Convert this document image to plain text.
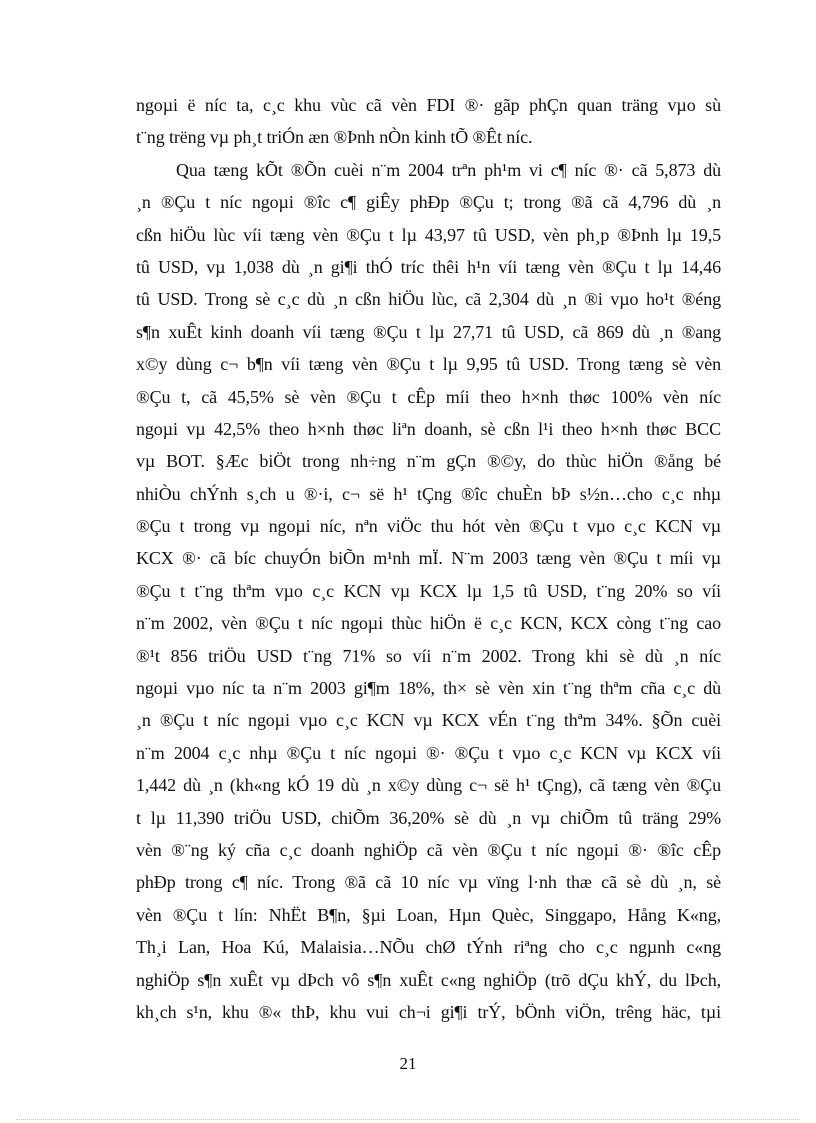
ngoµi ë níc ta, c¸c khu vùc cã vèn FDI ®· gãp phÇn quan träng vµo sù
t¨ng trëng vµ ph¸t triÓn æn ®Þnh nÒn kinh tÕ ®Êt níc.
Qua tæng kÕt ®Õn cuèi n¨m 2004 trªn ph¹m vi c¶ níc ®· cã 5,873 dù
¸n ®Çu t níc ngoµi ®îc c¶ giÊy phÐp ®Çu t; trong ®ã cã 4,796 dù ¸n
cßn hiÖu lùc víi tæng vèn ®Çu t lµ 43,97 tû USD, vèn ph¸p ®Þnh lµ 19,5
tû USD, vµ 1,038 dù ¸n gi¶i thÓ tríc thêi h¹n víi tæng vèn ®Çu t lµ 14,46
tû USD. Trong sè c¸c dù ¸n cßn hiÖu lùc, cã 2,304 dù ¸n ®i vµo ho¹t ®éng
s¶n xuÊt kinh doanh víi tæng ®Çu t lµ 27,71 tû USD, cã 869 dù ¸n ®ang
x©y dùng c¬ b¶n víi tæng vèn ®Çu t lµ 9,95 tû USD. Trong tæng sè vèn
®Çu t, cã 45,5% sè vèn ®Çu t cÊp míi theo h×nh thøc 100% vèn níc
ngoµi vµ 42,5% theo h×nh thøc liªn doanh, sè cßn l¹i theo h×nh thøc BCC
vµ BOT. §Æc biÖt trong nh÷ng n¨m gÇn ®©y, do thùc hiÖn ®ång bé
nhiÒu chÝnh s¸ch u ®·i, c¬ së h¹ tÇng ®îc chuÈn bÞ s½n…cho c¸c nhµ
®Çu t trong vµ ngoµi níc, nªn viÖc thu hót vèn ®Çu t vµo c¸c KCN vµ
KCX ®· cã bíc chuyÓn biÕn m¹nh mÏ. N¨m 2003 tæng vèn ®Çu t míi vµ
®Çu t t¨ng thªm vµo c¸c KCN vµ KCX lµ 1,5 tû USD, t¨ng 20% so víi
n¨m 2002, vèn ®Çu t níc ngoµi thùc hiÖn ë c¸c KCN, KCX còng t¨ng cao
®¹t 856 triÖu USD t¨ng 71% so víi n¨m 2002. Trong khi sè dù ¸n níc
ngoµi vµo níc ta n¨m 2003 gi¶m 18%, th× sè vèn xin t¨ng thªm cña c¸c dù
¸n ®Çu t níc ngoµi vµo c¸c KCN vµ KCX vÉn t¨ng thªm 34%. §Õn cuèi
n¨m 2004 c¸c nhµ ®Çu t níc ngoµi ®· ®Çu t vµo c¸c KCN vµ KCX víi
1,442 dù ¸n (kh«ng kÓ 19 dù ¸n x©y dùng c¬ së h¹ tÇng), cã tæng vèn ®Çu
t lµ 11,390 triÖu USD, chiÕm 36,20% sè dù ¸n vµ chiÕm tû träng 29%
vèn ®¨ng ký cña c¸c doanh nghiÖp cã vèn ®Çu t níc ngoµi ®· ®îc cÊp
phÐp trong c¶ níc. Trong ®ã cã 10 níc vµ vïng l·nh thæ cã sè dù ¸n, sè
vèn ®Çu t lín: NhËt B¶n, §µi Loan, Hµn Quèc, Singgapo, Hång K«ng,
Th¸i Lan, Hoa Kú, Malaisia…NÕu chØ tÝnh riªng cho c¸c ngµnh c«ng
nghiÖp s¶n xuÊt vµ dÞch vô s¶n xuÊt c«ng nghiÖp (trõ dÇu khÝ, du lÞch,
kh¸ch s¹n, khu ®« thÞ, khu vui ch¬i gi¶i trÝ, bÖnh viÖn, trêng häc, tµi
21
